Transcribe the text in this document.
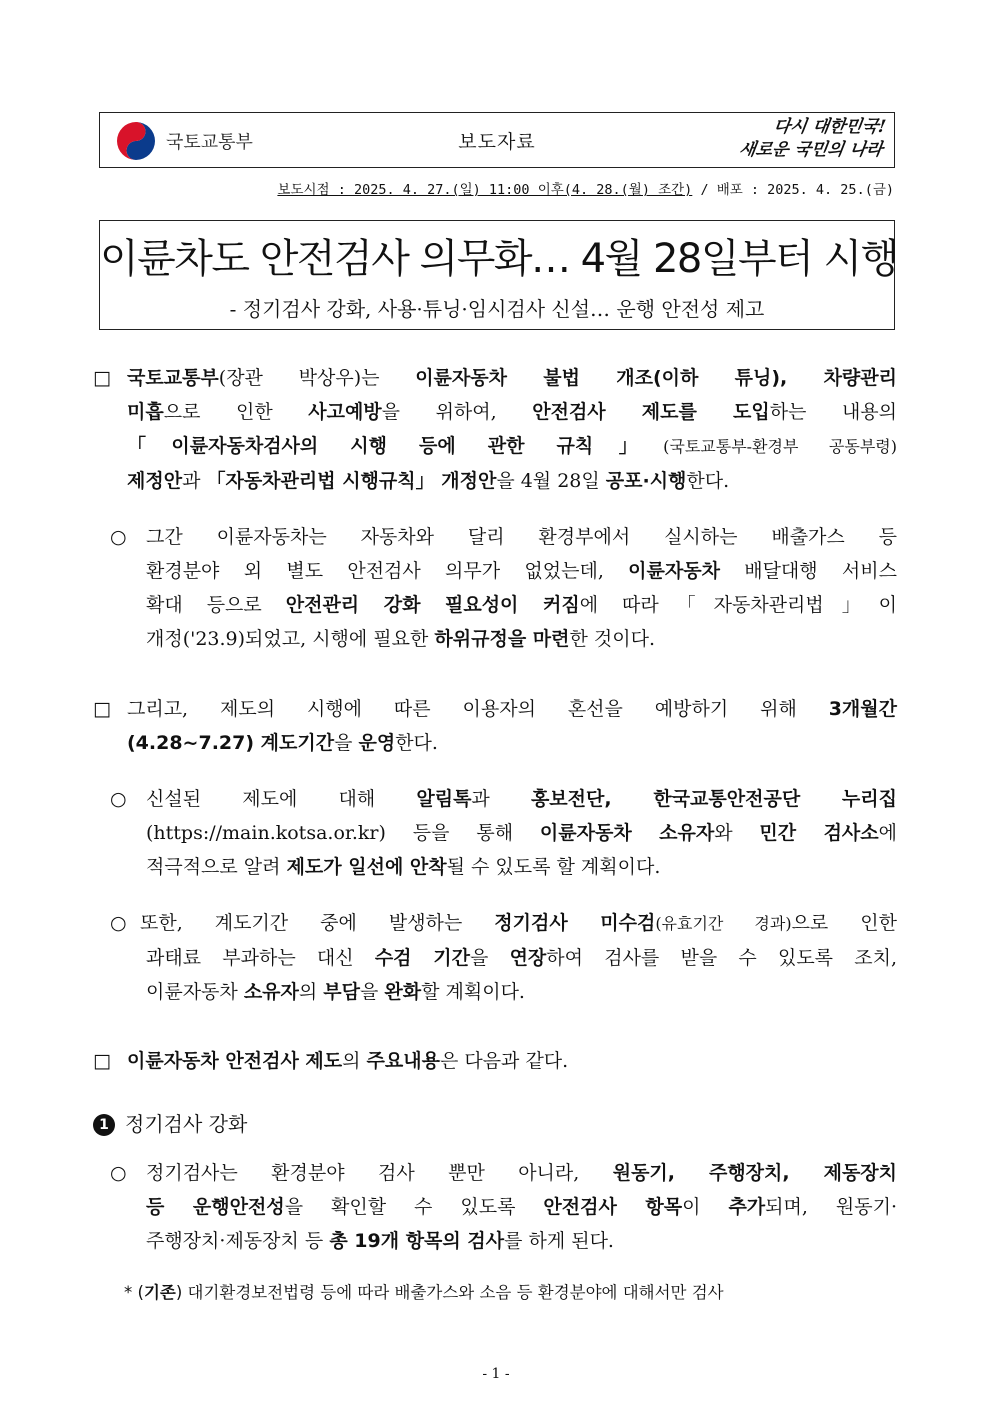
국토교통부	보도자료
다시 대한민국!
새로운 국민의 나라
보도시점 : 2025. 4. 27.(일) 11:00 이후(4. 28.(월) 조간) / 배포 : 2025. 4. 25.(금)
이륜차도 안전검사 의무화… 4월 28일부터 시행
- 정기검사 강화, 사용·튜닝·임시검사 신설… 운행 안전성 제고
□ 국토교통부(장관 박상우)는 이륜자동차 불법 개조(이하 튜닝), 차량관리
미흡으로 인한 사고예방을 위하여, 안전검사 제도를 도입하는 내용의
「이륜자동차검사의 시행 등에 관한 규칙」(국토교통부-환경부 공동부령)
제정안과 「자동차관리법 시행규칙」 개정안을 4월 28일 공포·시행한다.
○ 그간 이륜자동차는 자동차와 달리 환경부에서 실시하는 배출가스 등
환경분야 외 별도 안전검사 의무가 없었는데, 이륜자동차 배달대행 서비스
확대 등으로 안전관리 강화 필요성이 커짐에 따라「자동차관리법」이
개정('23.9)되었고, 시행에 필요한 하위규정을 마련한 것이다.
□ 그리고, 제도의 시행에 따른 이용자의 혼선을 예방하기 위해 3개월간
(4.28~7.27) 계도기간을 운영한다.
○ 신설된 제도에 대해 알림톡과 홍보전단, 한국교통안전공단 누리집
(https://main.kotsa.or.kr) 등을 통해 이륜자동차 소유자와 민간 검사소에
적극적으로 알려 제도가 일선에 안착될 수 있도록 할 계획이다.
○ 또한, 계도기간 중에 발생하는 정기검사 미수검(유효기간 경과)으로 인한
과태료 부과하는 대신 수검 기간을 연장하여 검사를 받을 수 있도록 조치,
이륜자동차 소유자의 부담을 완화할 계획이다.
□ 이륜자동차 안전검사 제도의 주요내용은 다음과 같다.
1 정기검사 강화
○ 정기검사는 환경분야 검사 뿐만 아니라, 원동기, 주행장치, 제동장치
등 운행안전성을 확인할 수 있도록 안전검사 항목이 추가되며, 원동기·
주행장치·제동장치 등 총 19개 항목의 검사를 하게 된다.
* (기존) 대기환경보전법령 등에 따라 배출가스와 소음 등 환경분야에 대해서만 검사
- 1 -
